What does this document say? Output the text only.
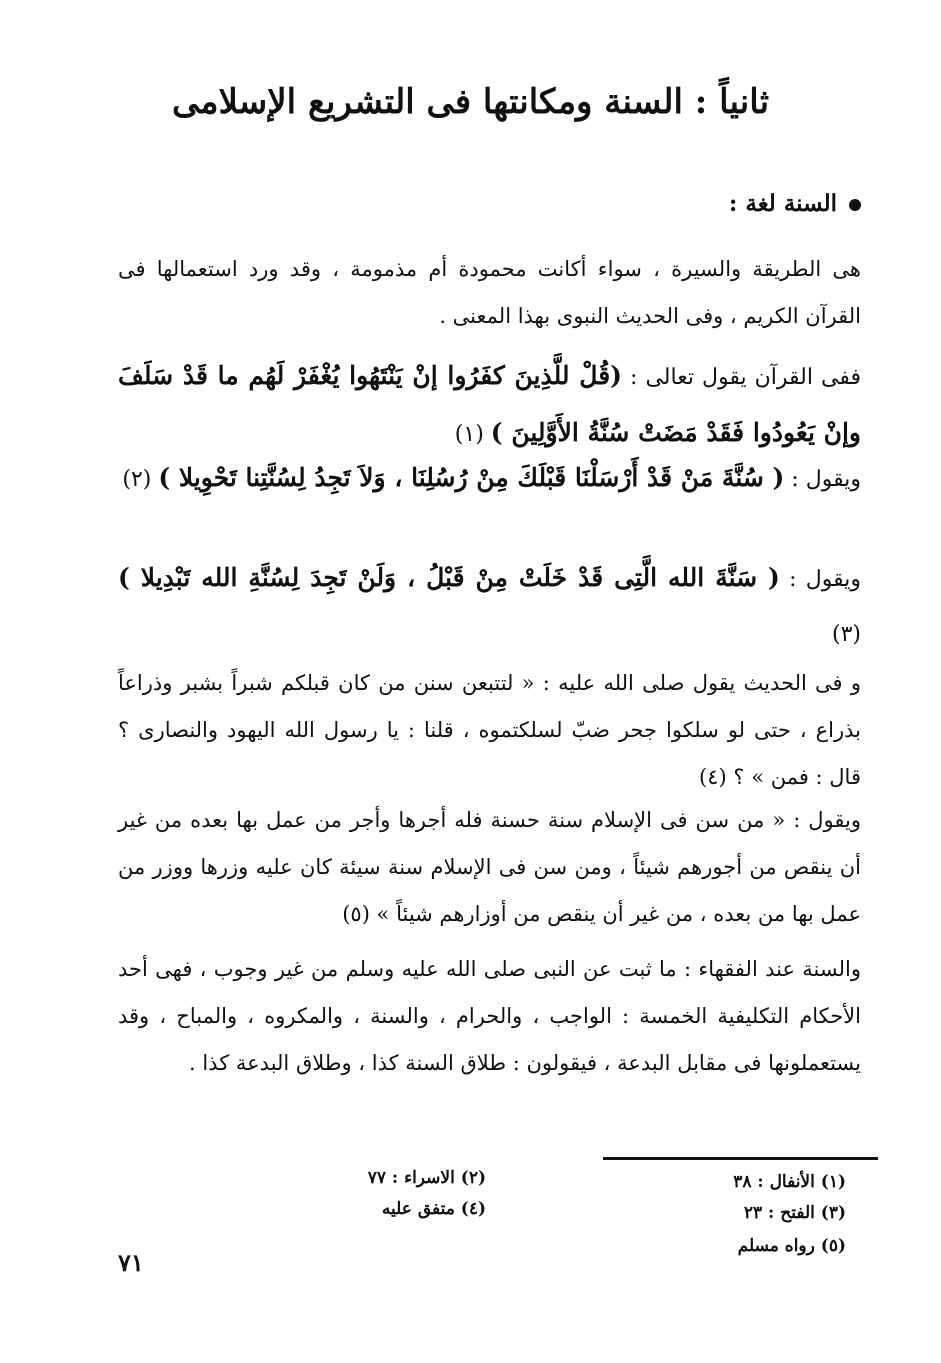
ثانياً : السنة ومكانتها فى التشريع الإسلامى
السنة لغة :

هى الطريقة والسيرة ، سواء أكانت محمودة أم مذمومة ، وقد ورد استعمالها فى القرآن الكريم ، وفى الحديث النبوى بهذا المعنى .

ففى القرآن يقول تعالى : (قُلْ للَّذِينَ كفَرُوا إنْ يَنْتَهُوا يُغْفَرْ لَهُم ما قَدْ سَلَفَ وإنْ يَعُودُوا فَقَدْ مَضَتْ سُنَّةُ الأَوَّلِينَ ) (١)

ويقول : ( سُنَّةَ مَنْ قَدْ أَرْسَلْنَا قَبْلَكَ مِنْ رُسُلِنَا ، وَلاَ تَجِدُ لِسُنَّتِنا تَحْوِيلا ) (٢)

ويقول : ( سَنَّةَ الله الَّتِى قَدْ خَلَتْ مِنْ قَبْلُ ، وَلَنْ تَجِدَ لِسُنَّةِ الله تَبْدِيلا ) (٣)

و فى الحديث يقول صلى الله عليه : « لتتبعن سنن من كان قبلكم شبراً بشبر وذراعاً بذراع ، حتى لو سلكوا جحر ضبّ لسلكتموه ، قلنا : يا رسول الله اليهود والنصارى ؟ قال : فمن » ؟ (٤)

ويقول : « من سن فى الإسلام سنة حسنة فله أجرها وأجر من عمل بها بعده من غير أن ينقص من أجورهم شيئاً ، ومن سن فى الإسلام سنة سيئة كان عليه وزرها ووزر من عمل بها من بعده ، من غير أن ينقص من أوزارهم شيئاً » (٥)

والسنة عند الفقهاء : ما ثبت عن النبى صلى الله عليه وسلم من غير وجوب ، فهى أحد الأحكام التكليفية الخمسة : الواجب ، والحرام ، والسنة ، والمكروه ، والمباح ، وقد يستعملونها فى مقابل البدعة ، فيقولون : طلاق السنة كذا ، وطلاق البدعة كذا .

(١) الأنفال : ٣٨

(٢) الاسراء : ٧٧

(٣) الفتح : ٢٣

(٤) متفق عليه

(٥) رواه مسلم

٧١
